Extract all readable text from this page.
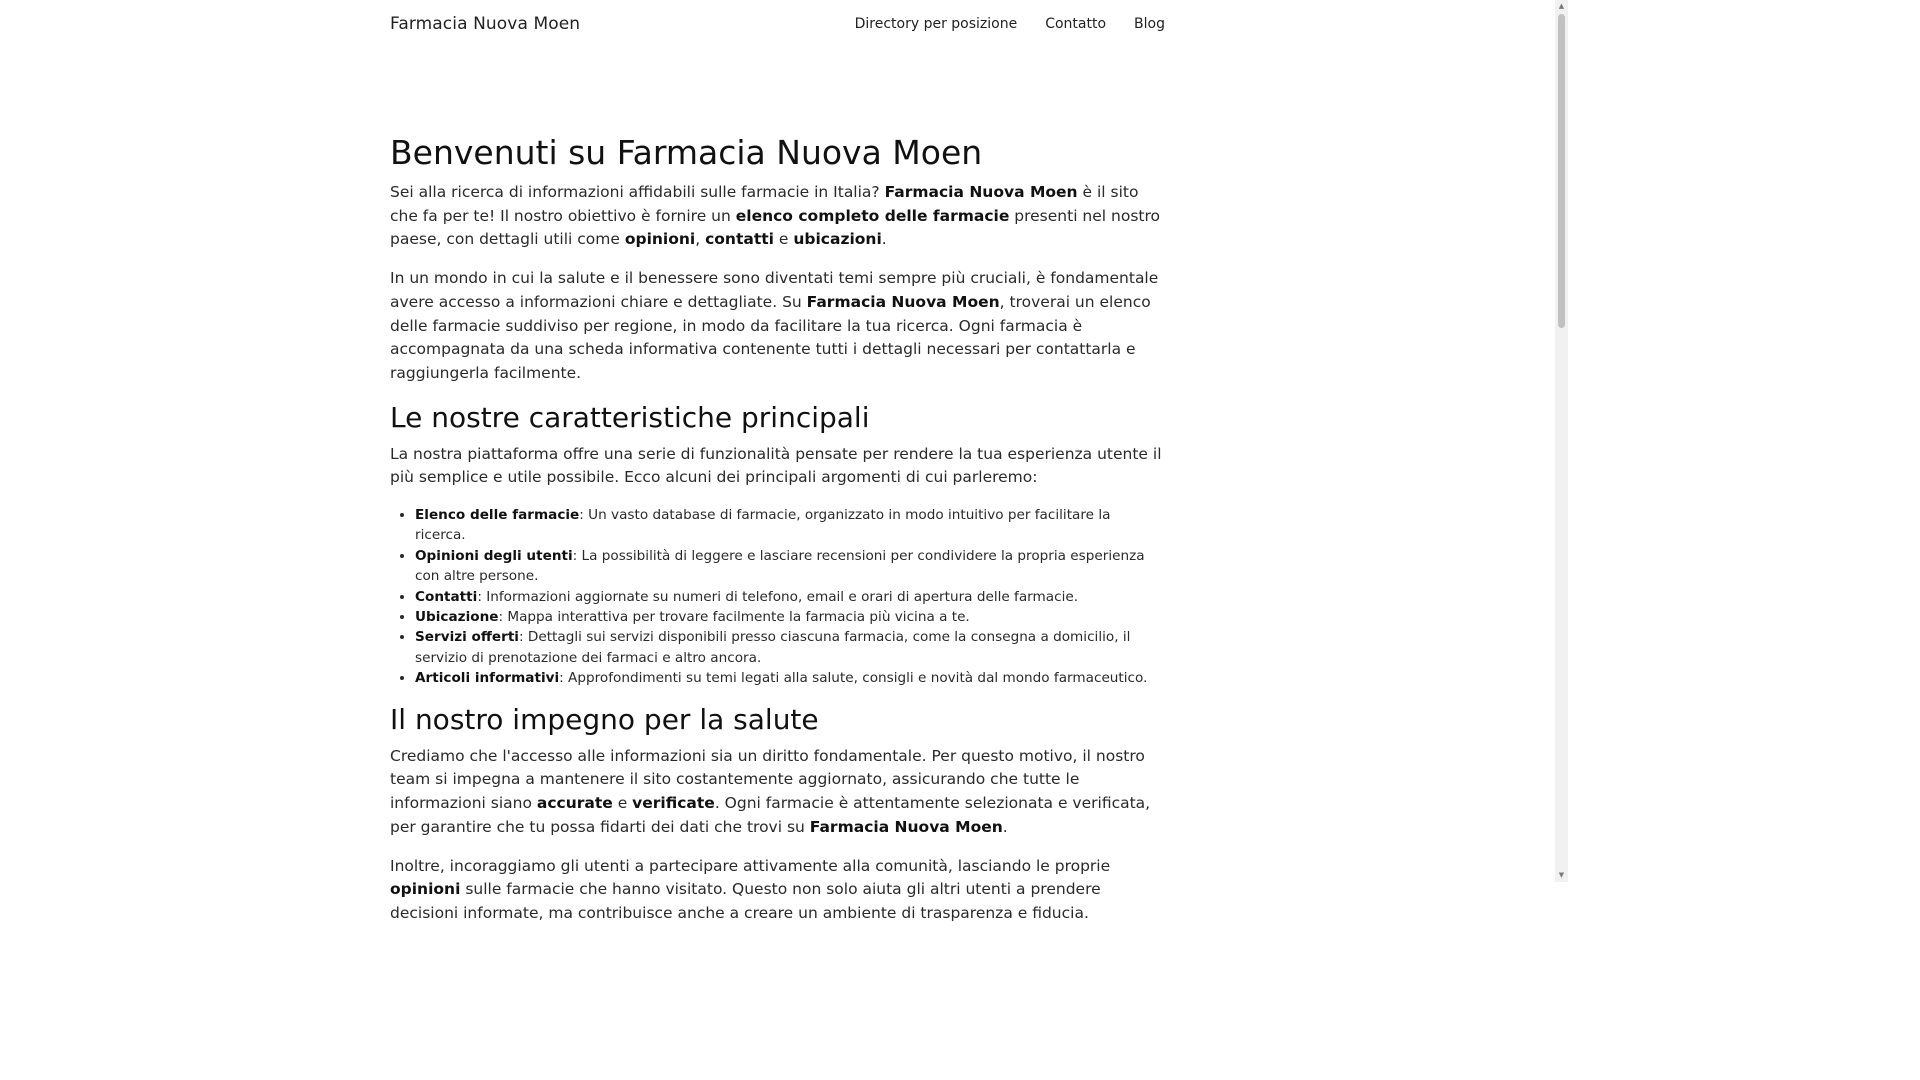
Farmacia Nuova Moen	Directory per posizione Contatto Blog
Benvenuti su Farmacia Nuova Moen

Sei alla ricerca di informazioni affidabili sulle farmacie in Italia? Farmacia Nuova Moen è il sito che fa per te! Il nostro obiettivo è fornire un elenco completo delle farmacie presenti nel nostro paese, con dettagli utili come opinioni, contatti e ubicazioni.

In un mondo in cui la salute e il benessere sono diventati temi sempre più cruciali, è fondamentale avere accesso a informazioni chiare e dettagliate. Su Farmacia Nuova Moen, troverai un elenco delle farmacie suddiviso per regione, in modo da facilitare la tua ricerca. Ogni farmacia è accompagnata da una scheda informativa contenente tutti i dettagli necessari per contattarla e raggiungerla facilmente.

Le nostre caratteristiche principali

La nostra piattaforma offre una serie di funzionalità pensate per rendere la tua esperienza utente il più semplice e utile possibile. Ecco alcuni dei principali argomenti di cui parleremo:

• Elenco delle farmacie: Un vasto database di farmacie, organizzato in modo intuitivo per facilitare la ricerca.
• Opinioni degli utenti: La possibilità di leggere e lasciare recensioni per condividere la propria esperienza con altre persone.
• Contatti: Informazioni aggiornate su numeri di telefono, email e orari di apertura delle farmacie.
• Ubicazione: Mappa interattiva per trovare facilmente la farmacia più vicina a te.
• Servizi offerti: Dettagli sui servizi disponibili presso ciascuna farmacia, come la consegna a domicilio, il servizio di prenotazione dei farmaci e altro ancora.
• Articoli informativi: Approfondimenti su temi legati alla salute, consigli e novità dal mondo farmaceutico.
Il nostro impegno per la salute

Crediamo che l'accesso alle informazioni sia un diritto fondamentale. Per questo motivo, il nostro team si impegna a mantenere il sito costantemente aggiornato, assicurando che tutte le informazioni siano accurate e verificate. Ogni farmacie è attentamente selezionata e verificata, per garantire che tu possa fidarti dei dati che trovi su Farmacia Nuova Moen.

Inoltre, incoraggiamo gli utenti a partecipare attivamente alla comunità, lasciando le proprie opinioni sulle farmacie che hanno visitato. Questo non solo aiuta gli altri utenti a prendere decisioni informate, ma contribuisce anche a creare un ambiente di trasparenza e fiducia.

▲
▼
